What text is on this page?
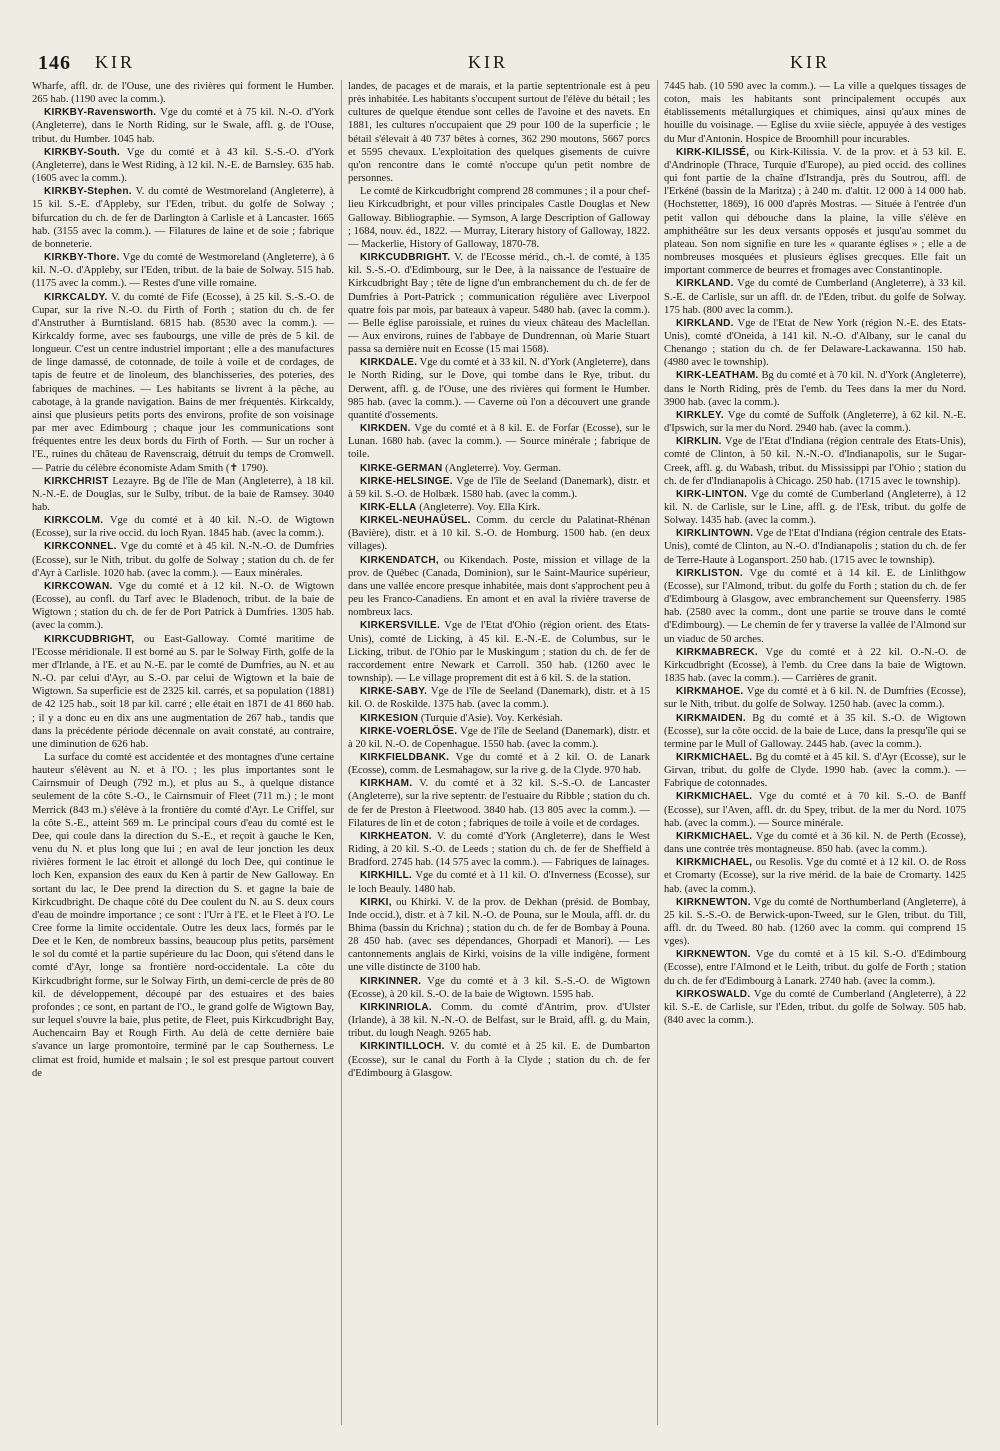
146 KIR	KIR	KIR

Wharfe, affl. dr. de l'Ouse, une des rivières qui forment le Humber. 265 hab. (1190 avec la comm.).

KIRKBY-Ravensworth. Vge du comté et à 75 kil. N.-O. d'York (Angleterre), dans le North Riding, sur le Swale, affl. g. de l'Ouse, tribut. du Humber. 1045 hab.

KIRKBY-South. Vge du comté et à 43 kil. S.-S.-O. d'York (Angleterre), dans le West Riding, à 12 kil. N.-E. de Barnsley. 635 hab. (1605 avec la comm.).

KIRKBY-Stephen. V. du comté de Westmoreland (Angleterre), à 15 kil. S.-E. d'Appleby, sur l'Eden, tribut. du golfe de Solway ; bifurcation du ch. de fer de Darlington à Carlisle et à Lancaster. 1665 hab. (3155 avec la comm.). — Filatures de laine et de soie ; fabrique de bonneterie.

KIRKBY-Thore. Vge du comté de Westmoreland (Angleterre), à 6 kil. N.-O. d'Appleby, sur l'Eden, tribut. de la baie de Solway. 515 hab. (1175 avec la comm.). — Restes d'une ville romaine.

KIRKCALDY. V. du comté de Fife (Ecosse), à 25 kil. S.-S.-O. de Cupar, sur la rive N.-O. du Firth of Forth ; station du ch. de fer d'Anstruther à Burntisland. 6815 hab. (8530 avec la comm.). — Kirkcaldy forme, avec ses faubourgs, une ville de près de 5 kil. de longueur. C'est un centre industriel important ; elle a des manufactures de linge damassé, de cotonnade, de toile à voile et de cordages, de tapis de feutre et de linoleum, des blanchisseries, des poteries, des fabriques de machines. — Les habitants se livrent à la pêche, au cabotage, à la grande navigation. Bains de mer fréquentés. Kirkcaldy, ainsi que plusieurs petits ports des environs, profite de son voisinage par mer avec Edimbourg ; chaque jour les communications sont fréquentes entre les deux bords du Firth of Forth. — Sur un rocher à l'E., ruines du château de Ravenscraig, détruit du temps de Cromwell. — Patrie du célèbre économiste Adam Smith (✝ 1790).

KIRKCHRIST Lezayre. Bg de l'île de Man (Angleterre), à 18 kil. N.-N.-E. de Douglas, sur le Sulby, tribut. de la baie de Ramsey. 3040 hab.

KIRKCOLM. Vge du comté et à 40 kil. N.-O. de Wigtown (Ecosse), sur la rive occid. du loch Ryan. 1845 hab. (avec la comm.).

KIRKCONNEL. Vge du comté et à 45 kil. N.-N.-O. de Dumfries (Ecosse), sur le Nith, tribut. du golfe de Solway ; station du ch. de fer d'Ayr à Carlisle. 1020 hab. (avec la comm.). — Eaux minérales.

KIRKCOWAN. Vge du comté et à 12 kil. N.-O. de Wigtown (Ecosse), au confl. du Tarf avec le Bladenoch, tribut. de la baie de Wigtown ; station du ch. de fer de Port Patrick à Dumfries. 1305 hab. (avec la comm.).

KIRKCUDBRIGHT, ou East-Galloway. Comté maritime de l'Ecosse méridionale. Il est borné au S. par le Solway Firth, golfe de la mer d'Irlande, à l'E. et au N.-E. par le comté de Dumfries, au N. et au N.-O. par celui d'Ayr, au S.-O. par celui de Wigtown et la baie de Wigtown. Sa superficie est de 2325 kil. carrés, et sa population (1881) de 42 125 hab., soit 18 par kil. carré ; elle était en 1871 de 41 860 hab. ; il y a donc eu en dix ans une augmentation de 267 hab., tandis que dans la précédente période décennale on avait constaté, au contraire, une diminution de 626 hab.

La surface du comté est accidentée et des montagnes d'une certaine hauteur s'élèvent au N. et à l'O. ; les plus importantes sont le Cairnsmuir of Deugh (792 m.), et plus au S., à quelque distance seulement de la côte S.-O., le Cairnsmuir of Fleet (711 m.) ; le mont Merrick (843 m.) s'élève à la frontière du comté d'Ayr. Le Criffel, sur la côte S.-E., atteint 569 m. Le principal cours d'eau du comté est le Dee, qui coule dans la direction du S.-E., et reçoit à gauche le Ken, venu du N. et plus long que lui ; en aval de leur jonction les deux rivières forment le lac étroit et allongé du loch Dee, qui continue le loch Ken, expansion des eaux du Ken à partir de New Galloway. En sortant du lac, le Dee prend la direction du S. et gagne la baie de Kirkcudbright. De chaque côté du Dee coulent du N. au S. deux cours d'eau de moindre importance ; ce sont : l'Urr à l'E. et le Fleet à l'O. Le Cree forme la limite occidentale. Outre les deux lacs, formés par le Dee et le Ken, de nombreux bassins, beaucoup plus petits, parsèment le sol du comté et la partie supérieure du lac Doon, qui s'étend dans le comté d'Ayr, longe sa frontière nord-occidentale. La côte du Kirkcudbright forme, sur le Solway Firth, un demi-cercle de près de 80 kil. de développement, découpé par des estuaires et des baies profondes ; ce sont, en partant de l'O., le grand golfe de Wigtown Bay, sur lequel s'ouvre la baie, plus petite, de Fleet, puis Kirkcudbright Bay, Auchencairn Bay et Rough Firth. Au delà de cette dernière baie s'avance un large promontoire, terminé par le cap Southerness. Le climat est froid, humide et malsain ; le sol est presque partout couvert de

landes, de pacages et de marais, et la partie septentrionale est à peu près inhabitée. Les habitants s'occupent surtout de l'élève du bétail ; les cultures de quelque étendue sont celles de l'avoine et des navets. En 1881, les cultures n'occupaient que 29 pour 100 de la superficie ; le bétail s'élevait à 40 737 bêtes à cornes, 362 290 moutons, 5667 porcs et 5595 chevaux. L'exploitation des quelques gisements de cuivre qu'on rencontre dans le comté n'occupe qu'un petit nombre de personnes.

Le comté de Kirkcudbright comprend 28 communes ; il a pour chef-lieu Kirkcudbright, et pour villes principales Castle Douglas et New Galloway. Bibliographie. — Symson, A large Description of Galloway ; 1684, nouv. éd., 1822. — Murray, Literary history of Galloway, 1822. — Mackerlie, History of Galloway, 1870-78.

KIRKCUDBRIGHT. V. de l'Ecosse mérid., ch.-l. de comté, à 135 kil. S.-S.-O. d'Edimbourg, sur le Dee, à la naissance de l'estuaire de Kirkcudbright Bay ; tête de ligne d'un embranchement du ch. de fer de Dumfries à Port-Patrick ; communication régulière avec Liverpool quatre fois par mois, par bateaux à vapeur. 5480 hab. (avec la comm.). — Belle église paroissiale, et ruines du vieux château des Maclellan. — Aux environs, ruines de l'abbaye de Dundrennan, où Marie Stuart passa sa dernière nuit en Ecosse (15 mai 1568).

KIRKDALE. Vge du comté et à 33 kil. N. d'York (Angleterre), dans le North Riding, sur le Dove, qui tombe dans le Rye, tribut. du Derwent, affl. g. de l'Ouse, une des rivières qui forment le Humber. 985 hab. (avec la comm.). — Caverne où l'on a découvert une grande quantité d'ossements.

KIRKDEN. Vge du comté et à 8 kil. E. de Forfar (Ecosse), sur le Lunan. 1680 hab. (avec la comm.). — Source minérale ; fabrique de toile.

KIRKE-GERMAN (Angleterre). Voy. German.

KIRKE-HELSINGE. Vge de l'île de Seeland (Danemark), distr. et à 59 kil. S.-O. de Holbæk. 1580 hab. (avec la comm.).

KIRK-ELLA (Angleterre). Voy. Ella Kirk.

KIRKEL-NEUHAÜSEL. Comm. du cercle du Palatinat-Rhénan (Bavière), distr. et à 10 kil. S.-O. de Homburg. 1500 hab. (en deux villages).

KIRKENDATCH, ou Kikendach. Poste, mission et village de la prov. de Québec (Canada, Dominion), sur le Saint-Maurice supérieur, dans une vallée encore presque inhabitée, mais dont s'approchent peu à peu les Franco-Canadiens. En amont et en aval la rivière traverse de nombreux lacs.

KIRKERSVILLE. Vge de l'Etat d'Ohio (région orient. des Etats-Unis), comté de Licking, à 45 kil. E.-N.-E. de Columbus, sur le Licking, tribut. de l'Ohio par le Muskingum ; station du ch. de fer de raccordement entre Newark et Carroll. 350 hab. (1260 avec le township). — Le village proprement dit est à 6 kil. S. de la station.

KIRKE-SABY. Vge de l'île de Seeland (Danemark), distr. et à 15 kil. O. de Roskilde. 1375 hab. (avec la comm.).

KIRKESION (Turquie d'Asie). Voy. Kerkésiah.

KIRKE-VOERLÖSE. Vge de l'île de Seeland (Danemark), distr. et à 20 kil. N.-O. de Copenhague. 1550 hab. (avec la comm.).

KIRKFIELDBANK. Vge du comté et à 2 kil. O. de Lanark (Ecosse), comm. de Lesmahagow, sur la rive g. de la Clyde. 970 hab.

KIRKHAM. V. du comté et à 32 kil. S.-S.-O. de Lancaster (Angleterre), sur la rive septentr. de l'estuaire du Ribble ; station du ch. de fer de Preston à Fleetwood. 3840 hab. (13 805 avec la comm.). — Filatures de lin et de coton ; fabriques de toile à voile et de cordages.

KIRKHEATON. V. du comté d'York (Angleterre), dans le West Riding, à 20 kil. S.-O. de Leeds ; station du ch. de fer de Sheffield à Bradford. 2745 hab. (14 575 avec la comm.). — Fabriques de lainages.

KIRKHILL. Vge du comté et à 11 kil. O. d'Inverness (Ecosse), sur le loch Beauly. 1480 hab.

KIRKI, ou Khirki. V. de la prov. de Dekhan (présid. de Bombay, Inde occid.), distr. et à 7 kil. N.-O. de Pouna, sur le Moula, affl. dr. du Bhima (bassin du Krichna) ; station du ch. de fer de Bombay à Pouna. 28 450 hab. (avec ses dépendances, Ghorpadi et Manori). — Les cantonnements anglais de Kirki, voisins de la ville indigène, forment une ville distincte de 3100 hab.

KIRKINNER. Vge du comté et à 3 kil. S.-S.-O. de Wigtown (Ecosse), à 20 kil. S.-O. de la baie de Wigtown. 1595 hab.

KIRKINRIOLA. Comm. du comté d'Antrim, prov. d'Ulster (Irlande), à 38 kil. N.-N.-O. de Belfast, sur le Braid, affl. g. du Main, tribut. du lough Neagh. 9265 hab.

KIRKINTILLOCH. V. du comté et à 25 kil. E. de Dumbarton (Ecosse), sur le canal du Forth à la Clyde ; station du ch. de fer d'Edimbourg à Glasgow.

7445 hab. (10 590 avec la comm.). — La ville a quelques tissages de coton, mais les habitants sont principalement occupés aux établissements métallurgiques et chimiques, ainsi qu'aux mines de houille du voisinage. — Eglise du xviie siècle, appuyée à des vestiges du Mur d'Antonin. Hospice de Broomhill pour incurables.

KIRK-KILISSÉ, ou Kirk-Kilissia. V. de la prov. et à 53 kil. E. d'Andrinople (Thrace, Turquie d'Europe), au pied occid. des collines qui font partie de la chaîne d'Istrandja, près du Soutrou, affl. de l'Erkéné (bassin de la Maritza) ; à 240 m. d'altit. 12 000 à 14 000 hab. (Hochstetter, 1869), 16 000 d'après Mostras. — Située à l'entrée d'un petit vallon qui débouche dans la plaine, la ville s'élève en amphithéâtre sur les deux versants opposés et jusqu'au sommet du plateau. Son nom signifie en ture les « quarante églises » ; elle a de nombreuses mosquées et plusieurs églises grecques. Elle fait un important commerce de beurres et fromages avec Constantinople.

KIRKLAND. Vge du comté de Cumberland (Angleterre), à 33 kil. S.-E. de Carlisle, sur un affl. dr. de l'Eden, tribut. du golfe de Solway. 175 hab. (800 avec la comm.).

KIRKLAND. Vge de l'Etat de New York (région N.-E. des Etats-Unis), comté d'Oneida, à 141 kil. N.-O. d'Albany, sur le canal du Chenango ; station du ch. de fer Delaware-Lackawanna. 150 hab. (4980 avec le township).

KIRK-LEATHAM. Bg du comté et à 70 kil. N. d'York (Angleterre), dans le North Riding, près de l'emb. du Tees dans la mer du Nord. 3900 hab. (avec la comm.).

KIRKLEY. Vge du comté de Suffolk (Angleterre), à 62 kil. N.-E. d'Ipswich, sur la mer du Nord. 2940 hab. (avec la comm.).

KIRKLIN. Vge de l'Etat d'Indiana (région centrale des Etats-Unis), comté de Clinton, à 50 kil. N.-N.-O. d'Indianapolis, sur le Sugar-Creek, affl. g. du Wabash, tribut. du Mississippi par l'Ohio ; station du ch. de fer d'Indianapolis à Chicago. 250 hab. (1715 avec le township).

KIRK-LINTON. Vge du comté de Cumberland (Angleterre), à 12 kil. N. de Carlisle, sur le Line, affl. g. de l'Esk, tribut. du golfe de Solway. 1435 hab. (avec la comm.).

KIRKLINTOWN. Vge de l'Etat d'Indiana (région centrale des Etats-Unis), comté de Clinton, au N.-O. d'Indianapolis ; station du ch. de fer de Terre-Haute à Logansport. 250 hab. (1715 avec le township).

KIRKLISTON. Vge du comté et à 14 kil. E. de Linlithgow (Ecosse), sur l'Almond, tribut. du golfe du Forth ; station du ch. de fer d'Edimbourg à Glasgow, avec embranchement sur Queensferry. 1985 hab. (2580 avec la comm., dont une partie se trouve dans le comté d'Edimbourg). — Le chemin de fer y traverse la vallée de l'Almond sur un viaduc de 50 arches.

KIRKMABRECK. Vge du comté et à 22 kil. O.-N.-O. de Kirkcudbright (Ecosse), à l'emb. du Cree dans la baie de Wigtown. 1835 hab. (avec la comm.). — Carrières de granit.

KIRKMAHOE. Vge du comté et à 6 kil. N. de Dumfries (Ecosse), sur le Nith, tribut. du golfe de Solway. 1250 hab. (avec la comm.).

KIRKMAIDEN. Bg du comté et à 35 kil. S.-O. de Wigtown (Ecosse), sur la côte occid. de la baie de Luce, dans la presqu'île qui se termine par le Mull of Galloway. 2445 hab. (avec la comm.).

KIRKMICHAEL. Bg du comté et à 45 kil. S. d'Ayr (Ecosse), sur le Girvan, tribut. du golfe de Clyde. 1990 hab. (avec la comm.). — Fabrique de cotonnades.

KIRKMICHAEL. Vge du comté et à 70 kil. S.-O. de Banff (Ecosse), sur l'Aven, affl. dr. du Spey, tribut. de la mer du Nord. 1075 hab. (avec la comm.). — Source minérale.

KIRKMICHAEL. Vge du comté et à 36 kil. N. de Perth (Ecosse), dans une contrée très montagneuse. 850 hab. (avec la comm.).

KIRKMICHAEL, ou Resolis. Vge du comté et à 12 kil. O. de Ross et Cromarty (Ecosse), sur la rive mérid. de la baie de Cromarty. 1425 hab. (avec la comm.).

KIRKNEWTON. Vge du comté de Northumberland (Angleterre), à 25 kil. S.-S.-O. de Berwick-upon-Tweed, sur le Glen, tribut. du Till, affl. dr. du Tweed. 80 hab. (1260 avec la comm. qui comprend 15 vges).

KIRKNEWTON. Vge du comté et à 15 kil. S.-O. d'Edimbourg (Ecosse), entre l'Almond et le Leith, tribut. du golfe de Forth ; station du ch. de fer d'Edimbourg à Lanark. 2740 hab. (avec la comm.).

KIRKOSWALD. Vge du comté de Cumberland (Angleterre), à 22 kil. S.-E. de Carlisle, sur l'Eden, tribut. du golfe de Solway. 505 hab. (840 avec la comm.).
